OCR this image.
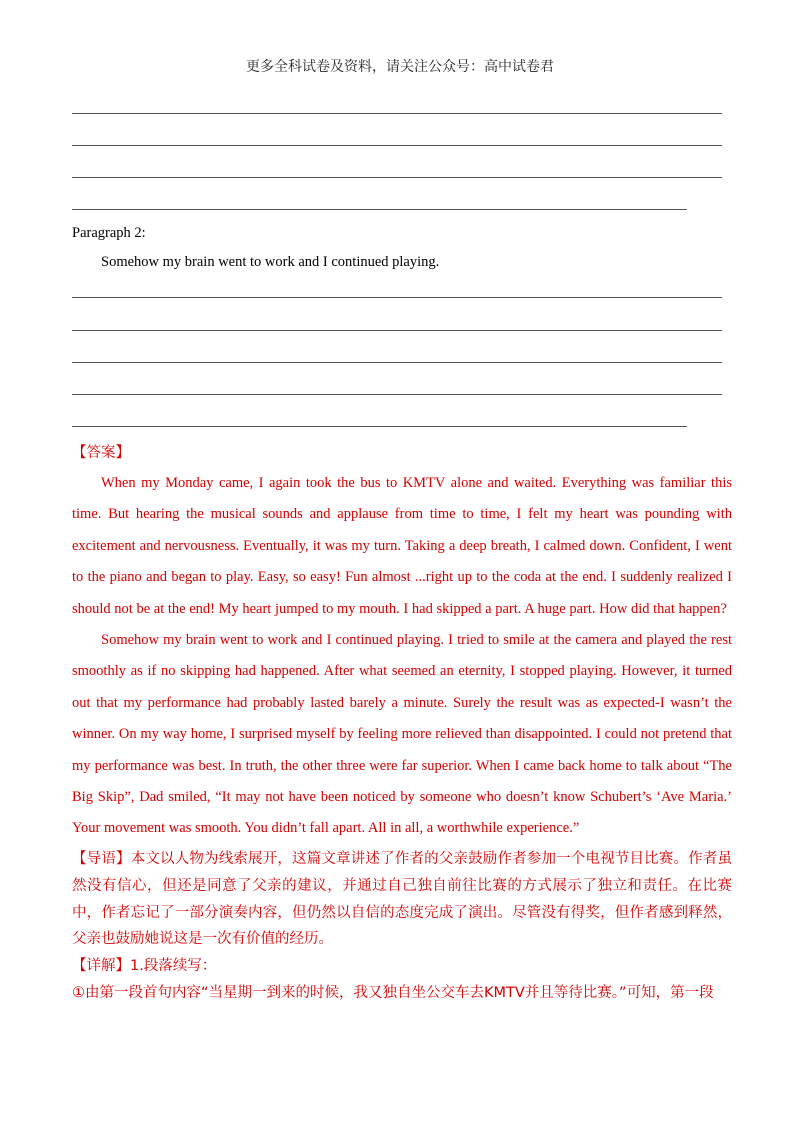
更多全科试卷及资料，请关注公众号：高中试卷君
Paragraph 2:
Somehow my brain went to work and I continued playing.
【答案】

When my Monday came, I again took the bus to KMTV alone and waited. Everything was familiar this time. But hearing the musical sounds and applause from time to time, I felt my heart was pounding with excitement and nervousness. Eventually, it was my turn. Taking a deep breath, I calmed down. Confident, I went to the piano and began to play. Easy, so easy! Fun almost ...right up to the coda at the end. I suddenly realized I should not be at the end! My heart jumped to my mouth. I had skipped a part. A huge part. How did that happen?

Somehow my brain went to work and I continued playing. I tried to smile at the camera and played the rest smoothly as if no skipping had happened. After what seemed an eternity, I stopped playing. However, it turned out that my performance had probably lasted barely a minute. Surely the result was as expected-I wasn’t the winner. On my way home, I surprised myself by feeling more relieved than disappointed. I could not pretend that my performance was best. In truth, the other three were far superior. When I came back home to talk about “The Big Skip”, Dad smiled, “It may not have been noticed by someone who doesn’t know Schubert’s ‘Ave Maria.’ Your movement was smooth. You didn’t fall apart. All in all, a worthwhile experience.”

【导语】本文以人物为线索展开，这篇文章讲述了作者的父亲鼓励作者参加一个电视节目比赛。作者虽然没有信心，但还是同意了父亲的建议，并通过自己独自前往比赛的方式展示了独立和责任。在比赛中，作者忘记了一部分演奏内容，但仍然以自信的态度完成了演出。尽管没有得奖，但作者感到释然，父亲也鼓励她说这是一次有价值的经历。

【详解】1.段落续写：

①由第一段首句内容“当星期一到来的时候，我又独自坐公交车去KMTV并且等待比赛。”可知，第一段
